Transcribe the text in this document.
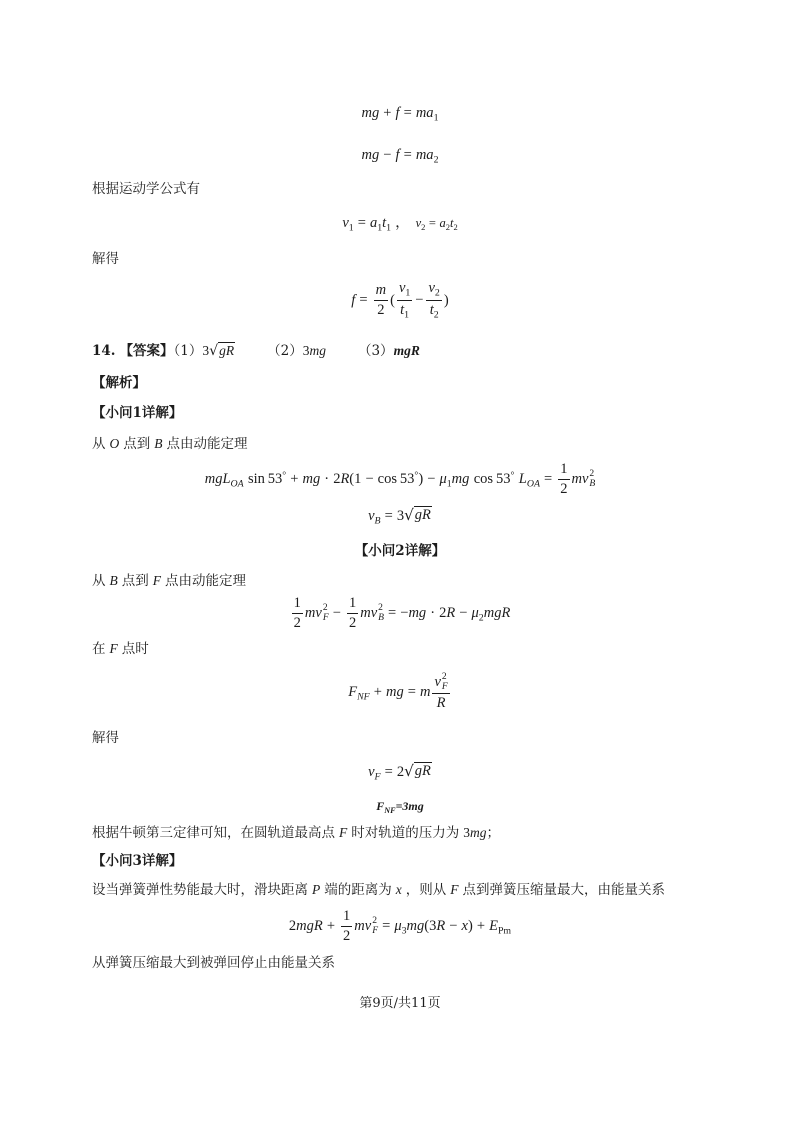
mg + $f = ma_1$
mg − $f = ma_2$
根据运动学公式有
$v_1 = a_1t_1$ ， $v_2 = a_2t_2$
解得
$f = \frac{m}{2}$ ( $\frac{v_1}{t_1} - \frac{v_2}{t_2}$ )
14. 【答案】（1）3 √ gR （2）3mg （3）mgR
【解析】
【小问1详解】
从 O 点到 B 点由动能定理
mgL$_{OA}$ sin 53° + mg · $2R(1 - \cos 53^\circ) - \mu_1mg$ cos 53° $L_{OA} = \frac{1}{2}$ mv 2
B
$v_B = 3$ √ gR
【小问2详解】
从 B 点到 F 点由动能定理
$\frac{1}{2}$ mv 2
$F - \frac{1}{2}$ mv 2
$B = -mg \cdot 2R - \mu_2mgR$
在 F 点时
$F_{NF}$ + mg = m v 2
F
R
解得
$v_F = 2$ √ gR
$F_{NF}=3mg$
根据牛顿第三定律可知，在圆轨道最高点 F 时对轨道的压力为 3mg；
【小问3详解】
设当弹簧弹性势能最大时，滑块距离 P 端的距离为 x ，则从 F 点到弹簧压缩量最大，由能量关系
$2mgR + \frac{1}{2}$ mv 2
$F = \mu_3mg(3R - x) + E_{Pm}$
从弹簧压缩最大到被弹回停止由能量关系
第9页/共11页
